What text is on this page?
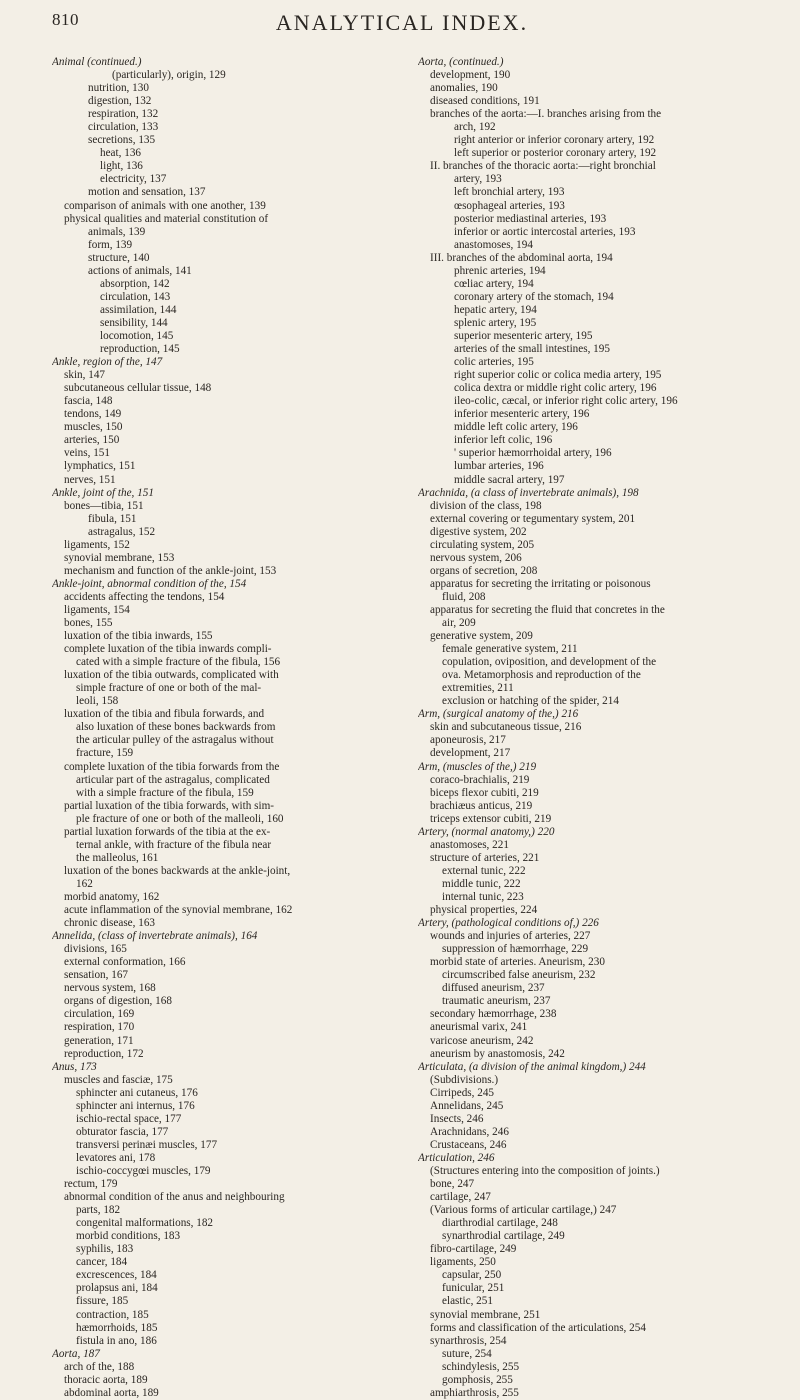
810	ANALYTICAL INDEX.
Animal (continued.)
(particularly), origin, 129
nutrition, 130
digestion, 132
respiration, 132
circulation, 133
secretions, 135
heat, 136
light, 136
electricity, 137
motion and sensation, 137
comparison of animals with one another, 139
physical qualities and material constitution of
animals, 139
form, 139
structure, 140
actions of animals, 141
absorption, 142
circulation, 143
assimilation, 144
sensibility, 144
locomotion, 145
reproduction, 145
Ankle, region of the, 147
skin, 147
subcutaneous cellular tissue, 148
fascia, 148
tendons, 149
muscles, 150
arteries, 150
veins, 151
lymphatics, 151
nerves, 151
Ankle, joint of the, 151
bones—tibia, 151
fibula, 151
astragalus, 152
ligaments, 152
synovial membrane, 153
mechanism and function of the ankle-joint, 153
Ankle-joint, abnormal condition of the, 154
accidents affecting the tendons, 154
ligaments, 154
bones, 155
luxation of the tibia inwards, 155
complete luxation of the tibia inwards compli-
cated with a simple fracture of the fibula, 156
luxation of the tibia outwards, complicated with
simple fracture of one or both of the mal-
leoli, 158
luxation of the tibia and fibula forwards, and
also luxation of these bones backwards from
the articular pulley of the astragalus without
fracture, 159
complete luxation of the tibia forwards from the
articular part of the astragalus, complicated
with a simple fracture of the fibula, 159
partial luxation of the tibia forwards, with sim-
ple fracture of one or both of the malleoli, 160
partial luxation forwards of the tibia at the ex-
ternal ankle, with fracture of the fibula near
the malleolus, 161
luxation of the bones backwards at the ankle-joint,
162
morbid anatomy, 162
acute inflammation of the synovial membrane, 162
chronic disease, 163
Annelida, (class of invertebrate animals), 164
divisions, 165
external conformation, 166
sensation, 167
nervous system, 168
organs of digestion, 168
circulation, 169
respiration, 170
generation, 171
reproduction, 172
Anus, 173
muscles and fasciæ, 175
sphincter ani cutaneus, 176
sphincter ani internus, 176
ischio-rectal space, 177
obturator fascia, 177
transversi perinæi muscles, 177
levatores ani, 178
ischio-coccygœi muscles, 179
rectum, 179
abnormal condition of the anus and neighbouring
parts, 182
congenital malformations, 182
morbid conditions, 183
syphilis, 183
cancer, 184
excrescences, 184
prolapsus ani, 184
fissure, 185
contraction, 185
hæmorrhoids, 185
fistula in ano, 186
Aorta, 187
arch of the, 188
thoracic aorta, 189
abdominal aorta, 189
Aorta, (continued.)
development, 190
anomalies, 190
diseased conditions, 191
branches of the aorta:—I. branches arising from the
arch, 192
right anterior or inferior coronary artery, 192
left superior or posterior coronary artery, 192
II. branches of the thoracic aorta:—right bronchial
artery, 193
left bronchial artery, 193
œsophageal arteries, 193
posterior mediastinal arteries, 193
inferior or aortic intercostal arteries, 193
anastomoses, 194
III. branches of the abdominal aorta, 194
phrenic arteries, 194
cœliac artery, 194
coronary artery of the stomach, 194
hepatic artery, 194
splenic artery, 195
superior mesenteric artery, 195
arteries of the small intestines, 195
colic arteries, 195
right superior colic or colica media artery, 195
colica dextra or middle right colic artery, 196
ileo-colic, cæcal, or inferior right colic artery, 196
inferior mesenteric artery, 196
middle left colic artery, 196
inferior left colic, 196
' superior hæmorrhoidal artery, 196
lumbar arteries, 196
middle sacral artery, 197
Arachnida, (a class of invertebrate animals), 198
division of the class, 198
external covering or tegumentary system, 201
digestive system, 202
circulating system, 205
nervous system, 206
organs of secretion, 208
apparatus for secreting the irritating or poisonous
fluid, 208
apparatus for secreting the fluid that concretes in the
air, 209
generative system, 209
female generative system, 211
copulation, oviposition, and development of the
ova. Metamorphosis and reproduction of the
extremities, 211
exclusion or hatching of the spider, 214
Arm, (surgical anatomy of the,) 216
skin and subcutaneous tissue, 216
aponeurosis, 217
development, 217
Arm, (muscles of the,) 219
coraco-brachialis, 219
biceps flexor cubiti, 219
brachiæus anticus, 219
triceps extensor cubiti, 219
Artery, (normal anatomy,) 220
anastomoses, 221
structure of arteries, 221
external tunic, 222
middle tunic, 222
internal tunic, 223
physical properties, 224
Artery, (pathological conditions of,) 226
wounds and injuries of arteries, 227
suppression of hæmorrhage, 229
morbid state of arteries. Aneurism, 230
circumscribed false aneurism, 232
diffused aneurism, 237
traumatic aneurism, 237
secondary hæmorrhage, 238
aneurismal varix, 241
varicose aneurism, 242
aneurism by anastomosis, 242
Articulata, (a division of the animal kingdom,) 244
(Subdivisions.)
Cirripeds, 245
Annelidans, 245
Insects, 246
Arachnidans, 246
Crustaceans, 246
Articulation, 246
(Structures entering into the composition of joints.)
bone, 247
cartilage, 247
(Various forms of articular cartilage,) 247
diarthrodial cartilage, 248
synarthrodial cartilage, 249
fibro-cartilage, 249
ligaments, 250
capsular, 250
funicular, 251
elastic, 251
synovial membrane, 251
forms and classification of the articulations, 254
synarthrosis, 254
suture, 254
schindylesis, 255
gomphosis, 255
amphiarthrosis, 255
